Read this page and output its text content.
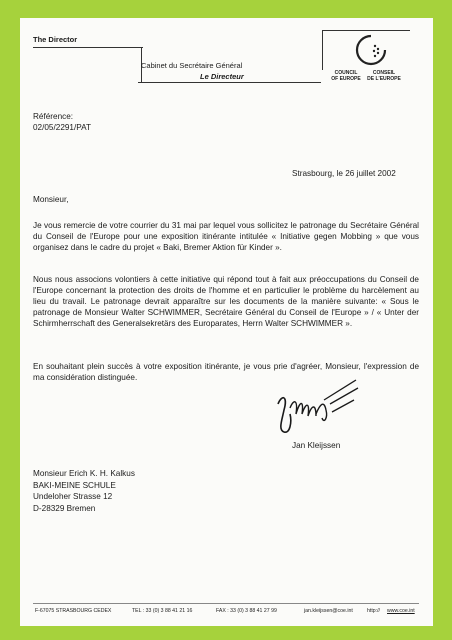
The Director
Cabinet du Secrétaire Général
Le Directeur	COUNCIL
OF EUROPE
CONSEIL
DE L'EUROPE
Référence:
02/05/2291/PAT
Strasbourg, le 26 juillet 2002
Monsieur,

Je vous remercie de votre courrier du 31 mai par lequel vous sollicitez le patronage du Secrétaire Général du Conseil de l'Europe pour une exposition itinérante intitulée « Initiative gegen Mobbing » que vous organisez dans le cadre du projet « Baki, Bremer Aktion für Kinder ».

Nous nous associons volontiers à cette initiative qui répond tout à fait aux préoccupations du Conseil de l'Europe concernant la protection des droits de l'homme et en particulier le problème du harcèlement au lieu du travail. Le patronage devrait apparaître sur les documents de la manière suivante: « Sous le patronage de Monsieur Walter SCHWIMMER, Secrétaire Général du Conseil de l'Europe » / « Unter der Schirmherrschaft des Generalsekretärs des Europarates, Herrn Walter SCHWIMMER ».

En souhaitant plein succès à votre exposition itinérante, je vous prie d'agréer, Monsieur, l'expression de ma considération distinguée.

Jan Kleijssen
Monsieur Erich K. H. Kalkus
BAKI-MEINE SCHULE
Undeloher Strasse 12
D-28329 Bremen
F-67075 STRASBOURG CEDEX	TEL : 33 (0) 3 88 41 21 16	FAX : 33 (0) 3 88 41 27 99	jan.kleijssen@coe.int	http:// www.coe.int
